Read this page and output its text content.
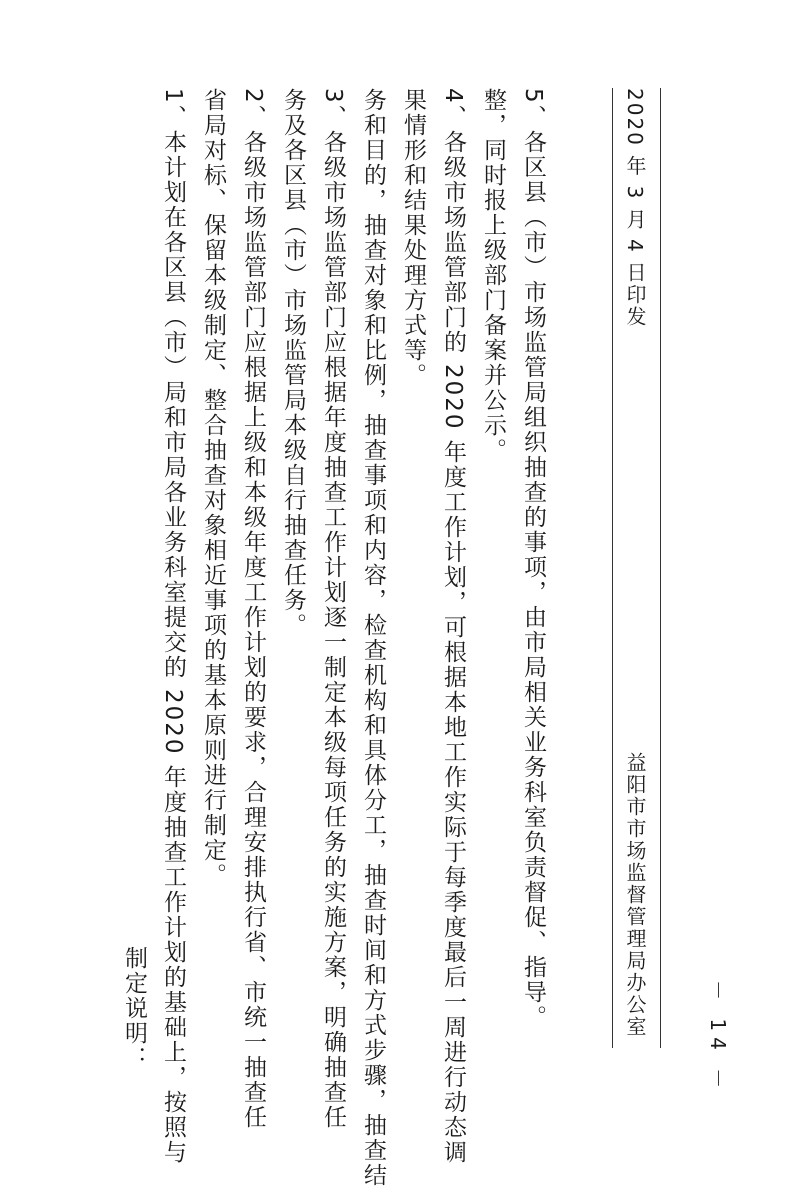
制定说明： 1、本计划在各区县（市）局和市局各业务科室提交的 2020 年度抽查工作计划的基础上，按照与 省局对标、保留本级制定、整合抽查对象相近事项的基本原则进行制定。 2、各级市场监管部门应根据上级和本级年度工作计划的要求，合理安排执行省、市统一抽查任 务及各区县（市）市场监管局本级自行抽查任务。 3、各级市场监管部门应根据年度抽查工作计划逐一制定本级每项任务的实施方案，明确抽查任 务和目的，抽查对象和比例，抽查事项和内容，检查机构和具体分工，抽查时间和方式步骤，抽查结 果情形和结果处理方式等。 4、各级市场监管部门的 2020 年度工作计划，可根据本地工作实际于每季度最后一周进行动态调 整，同时报上级部门备案并公示。 5、各区县（市）市场监管局组织抽查的事项，由市局相关业务科室负责督促、指导。	益阳市市场监督管理局办公室
2020 年 3 月 4 日印发
－ 14 －
